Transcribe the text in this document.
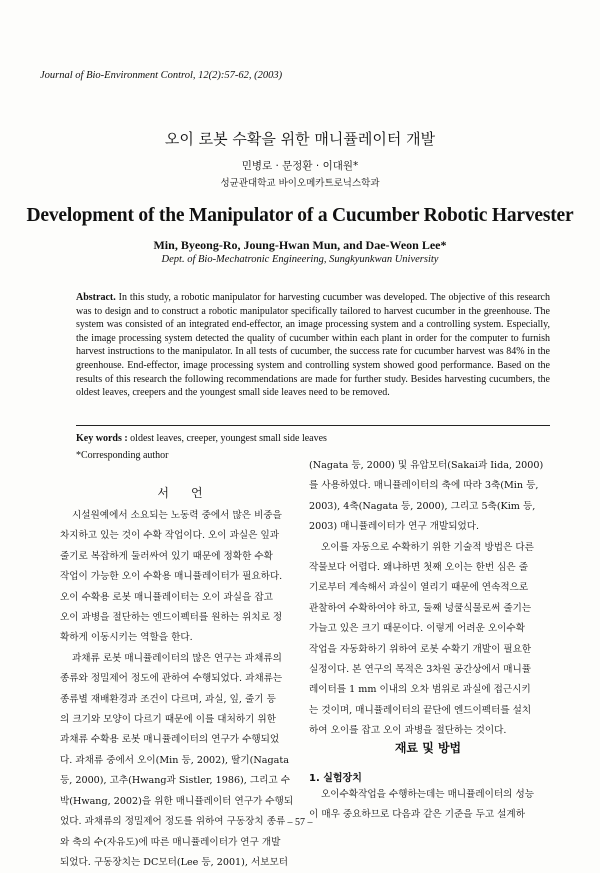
Journal of Bio-Environment Control, 12(2):57-62, (2003)
오이 로봇 수확을 위한 매니퓰레이터 개발
민병로 · 문정환 · 이대원*
성균관대학교 바이오메카트로닉스학과
Development of the Manipulator of a Cucumber Robotic Harvester
Min, Byeong-Ro, Joung-Hwan Mun, and Dae-Weon Lee*
Dept. of Bio-Mechatronic Engineering, Sungkyunkwan University
Abstract. In this study, a robotic manipulator for harvesting cucumber was developed. The objective of this research was to design and to construct a robotic manipulator specifically tailored to harvest cucumber in the greenhouse. The system was consisted of an integrated end-effector, an image processing system and a controlling system. Especially, the image processing system detected the quality of cucumber within each plant in order for the computer to furnish harvest instructions to the manipulator. In all tests of cucumber, the success rate for cucumber harvest was 84% in the greenhouse. End-effector, image processing system and controlling system showed good performance. Based on the results of this research the following recommendations are made for further study. Besides harvesting cucumbers, the oldest leaves, creepers and the youngest small side leaves need to be removed.
Key words : oldest leaves, creeper, youngest small side leaves
*Corresponding author
서언
시설원예에서 소요되는 노동력 중에서 많은 비중을
차지하고 있는 것이 수확 작업이다. 오이 과실은 잎과
줄기로 복잡하게 둘러싸여 있기 때문에 정확한 수확
작업이 가능한 오이 수확용 매니퓰레이터가 필요하다.
오이 수확용 로봇 매니퓰레이터는 오이 과실을 잡고
오이 과병을 절단하는 엔드이펙터를 원하는 위치로 정
확하게 이동시키는 역할을 한다.
과채류 로봇 매니퓰레이터의 많은 연구는 과채류의
종류와 정밀제어 정도에 관하여 수행되었다. 과채류는
종류별 재배환경과 조건이 다르며, 과실, 잎, 줄기 등
의 크기와 모양이 다르기 때문에 이를 대처하기 위한
과채류 수확용 로봇 매니퓰레이터의 연구가 수행되었
다. 과채류 중에서 오이(Min 등, 2002), 딸기(Nagata
등, 2000), 고추(Hwang과 Sistler, 1986), 그리고 수
박(Hwang, 2002)을 위한 매니퓰레이터 연구가 수행되
었다. 과채류의 정밀제어 정도를 위하여 구동장치 종류
와 축의 수(자유도)에 따른 매니퓰레이터가 연구 개발
되었다. 구동장치는 DC모터(Lee 등, 2001), 서보모터
(Nagata 등, 2000) 및 유압모터(Sakai과 Iida, 2000)
를 사용하였다. 매니퓰레이터의 축에 따라 3축(Min 등,
2003), 4축(Nagata 등, 2000), 그리고 5축(Kim 등,
2003) 매니퓰레이터가 연구 개발되었다.
오이를 자동으로 수확하기 위한 기술적 방법은 다른
작물보다 어렵다. 왜냐하면 첫째 오이는 한번 심은 줄
기로부터 계속해서 과실이 열리기 때문에 연속적으로
관찰하여 수확하여야 하고, 둘째 넝쿨식물로써 줄기는
가늘고 있은 크기 때문이다. 이렇게 어려운 오이수확
작업을 자동화하기 위하여 로봇 수확기 개발이 필요한
실정이다. 본 연구의 목적은 3차원 공간상에서 매니퓰
레이터를 1 mm 이내의 오차 범위로 과실에 접근시키
는 것이며, 매니퓰레이터의 끝단에 엔드이펙터를 설치
하여 오이를 잡고 오이 과병을 절단하는 것이다.
재료 및 방법
1. 실험장치
오이수확작업을 수행하는데는 매니퓰레이터의 성능
이 매우 중요하므로 다음과 같은 기준을 두고 설계하
– 57 –
